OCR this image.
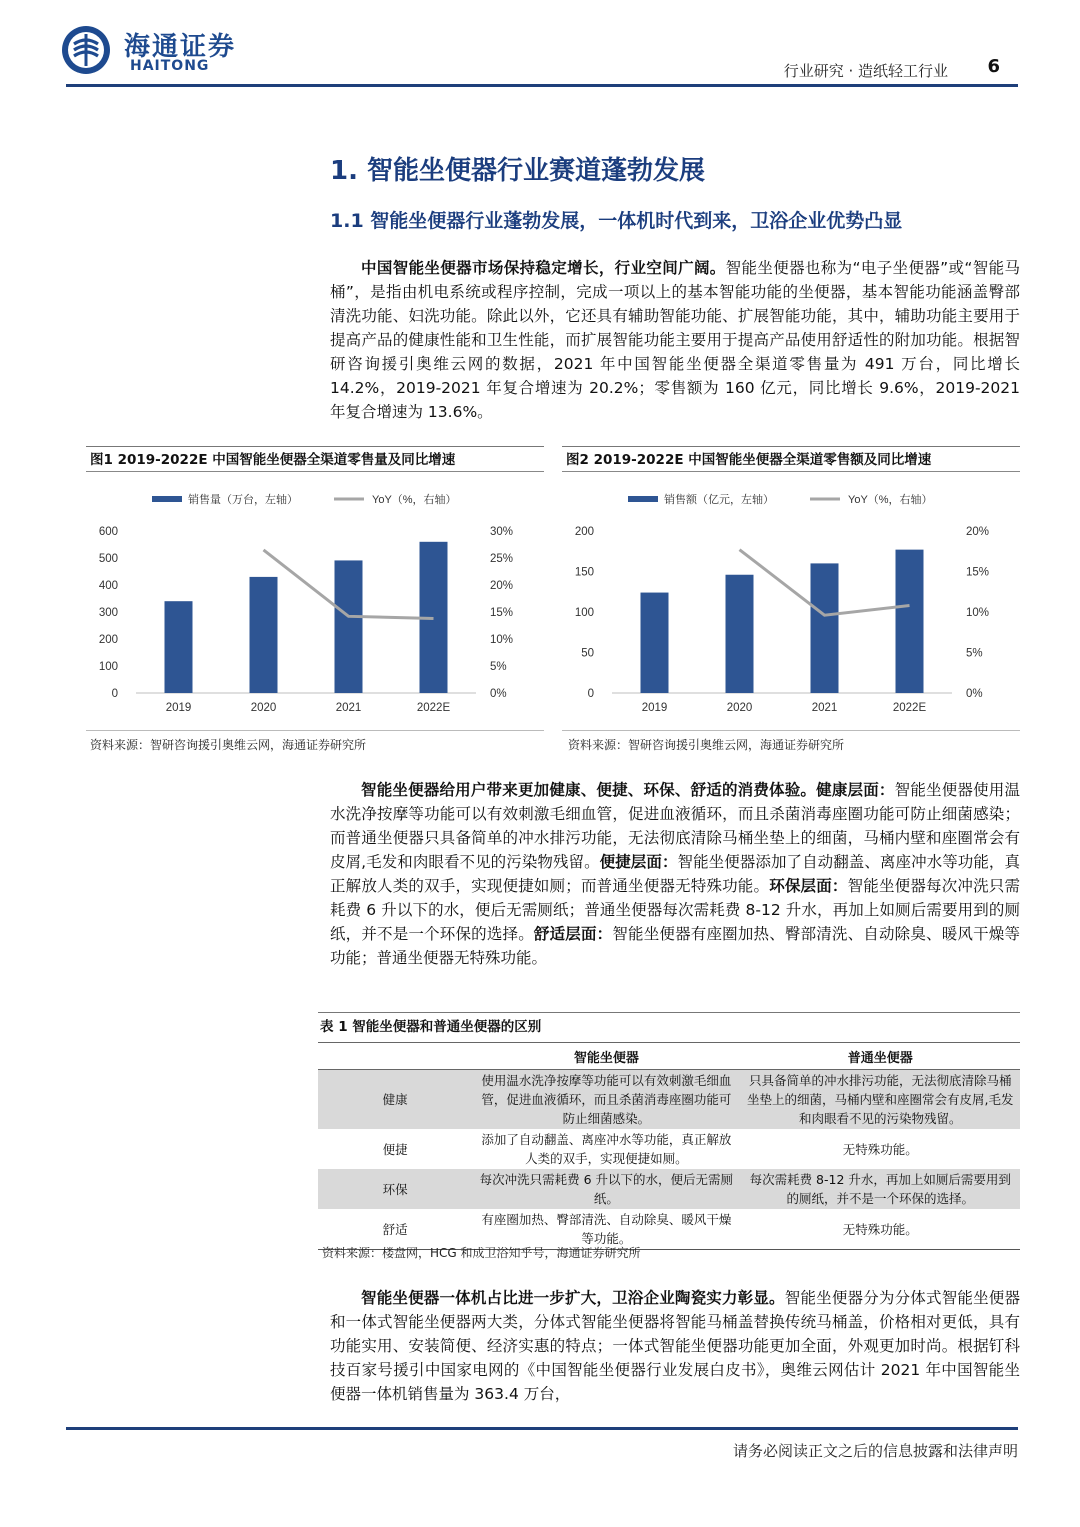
海通证券
HAITONG	行业研究 · 造纸轻工行业 6
1. 智能坐便器行业赛道蓬勃发展
1.1 智能坐便器行业蓬勃发展，一体机时代到来，卫浴企业优势凸显

中国智能坐便器市场保持稳定增长，行业空间广阔。智能坐便器也称为“电子坐便器”或“智能马桶”，是指由机电系统或程序控制，完成一项以上的基本智能功能的坐便器，基本智能功能涵盖臀部清洗功能、妇洗功能。除此以外，它还具有辅助智能功能、扩展智能功能，其中，辅助功能主要用于提高产品的健康性能和卫生性能，而扩展智能功能主要用于提高产品使用舒适性的附加功能。根据智研咨询援引奥维云网的数据，2021 年中国智能坐便器全渠道零售量为 491 万台，同比增长 14.2%，2019-2021 年复合增速为 20.2%；零售额为 160 亿元，同比增长 9.6%，2019-2021 年复合增速为 13.6%。

图1 2019-2022E 中国智能坐便器全渠道零售量及同比增速
销售量（万台，左轴）	YoY（%，右轴）
0
100
200
300
400
500
600
0%
5%
10%
15%
20%
25%
30%
2019	2020	2021	2022E
资料来源：智研咨询援引奥维云网，海通证券研究所
图2 2019-2022E 中国智能坐便器全渠道零售额及同比增速
销售额（亿元，左轴）	YoY（%，右轴）
0
50
100
150
200
0%
5%
10%
15%
20%
2019	2020	2021	2022E
资料来源：智研咨询援引奥维云网，海通证券研究所

智能坐便器给用户带来更加健康、便捷、环保、舒适的消费体验。健康层面：智能坐便器使用温水洗净按摩等功能可以有效刺激毛细血管，促进血液循环，而且杀菌消毒座圈功能可防止细菌感染；而普通坐便器只具备简单的冲水排污功能，无法彻底清除马桶坐垫上的细菌，马桶内壁和座圈常会有皮屑,毛发和肉眼看不见的污染物残留。便捷层面：智能坐便器添加了自动翻盖、离座冲水等功能，真正解放人类的双手，实现便捷如厕；而普通坐便器无特殊功能。环保层面：智能坐便器每次冲洗只需耗费 6 升以下的水，便后无需厕纸；普通坐便器每次需耗费 8-12 升水，再加上如厕后需要用到的厕纸，并不是一个环保的选择。舒适层面：智能坐便器有座圈加热、臀部清洗、自动除臭、暖风干燥等功能；普通坐便器无特殊功能。

表 1 智能坐便器和普通坐便器的区别
	智能坐便器	普通坐便器
健康	使用温水洗净按摩等功能可以有效刺激毛细血管，促进血液循环，而且杀菌消毒座圈功能可防止细菌感染。	只具备简单的冲水排污功能，无法彻底清除马桶坐垫上的细菌，马桶内壁和座圈常会有皮屑,毛发和肉眼看不见的污染物残留。
便捷	添加了自动翻盖、离座冲水等功能，真正解放人类的双手，实现便捷如厕。	无特殊功能。
环保	每次冲洗只需耗费 6 升以下的水，便后无需厕纸。	每次需耗费 8-12 升水，再加上如厕后需要用到的厕纸，并不是一个环保的选择。
舒适	有座圈加热、臀部清洗、自动除臭、暖风干燥等功能。	无特殊功能。
资料来源：楼盘网，HCG 和成卫浴知乎号，海通证券研究所

智能坐便器一体机占比进一步扩大，卫浴企业陶瓷实力彰显。智能坐便器分为分体式智能坐便器和一体式智能坐便器两大类，分体式智能坐便器将智能马桶盖替换传统马桶盖，价格相对更低，具有功能实用、安装简便、经济实惠的特点；一体式智能坐便器功能更加全面，外观更加时尚。根据钉科技百家号援引中国家电网的《中国智能坐便器行业发展白皮书》，奥维云网估计 2021 年中国智能坐便器一体机销售量为 363.4 万台，

请务必阅读正文之后的信息披露和法律声明
